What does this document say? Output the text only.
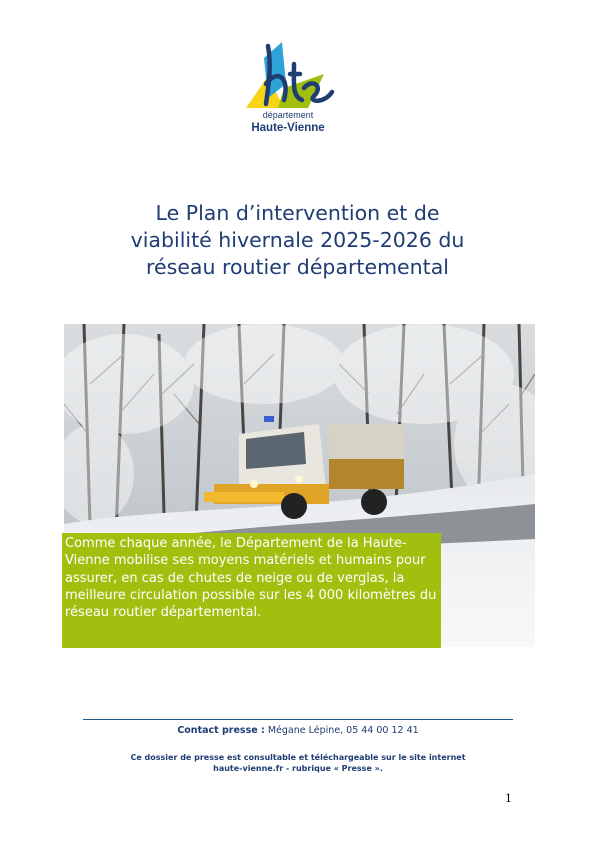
département
Haute-Vienne
Le Plan d’intervention et de
viabilité hivernale 2025-2026 du
réseau routier départemental
Comme chaque année, le Département de la Haute-Vienne mobilise ses moyens matériels et humains pour assurer, en cas de chutes de neige ou de verglas, la meilleure circulation possible sur les 4 000 kilomètres du réseau routier départemental.
Contact presse : Mégane Lépine, 05 44 00 12 41
Ce dossier de presse est consultable et téléchargeable sur le site internet
haute-vienne.fr - rubrique « Presse ».
1
